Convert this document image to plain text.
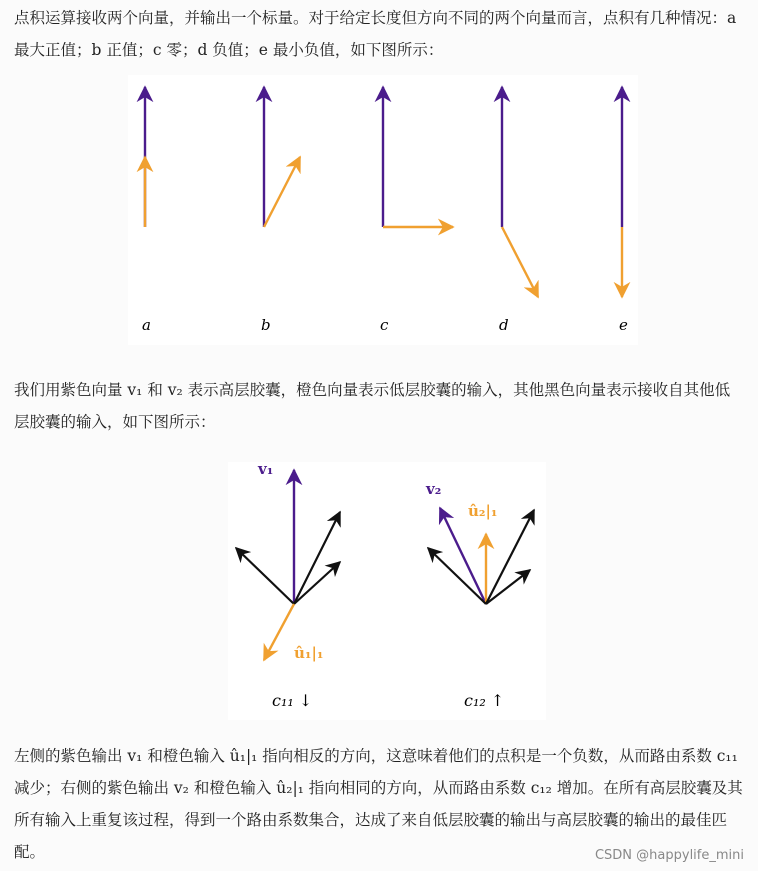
点积运算接收两个向量，并输出一个标量。对于给定长度但方向不同的两个向量而言，点积有几种情况：a 最大正值；b 正值；c 零；d 负值；e 最小负值，如下图所示：

a	b	c	d	e

我们用紫色向量 v₁ 和 v₂ 表示高层胶囊，橙色向量表示低层胶囊的输入，其他黑色向量表示接收自其他低层胶囊的输入，如下图所示：

v₁
û₁|₁
c₁₁ ↓
v₂
û₂|₁
c₁₂ ↑

左侧的紫色输出 v₁ 和橙色输入 û₁|₁ 指向相反的方向，这意味着他们的点积是一个负数，从而路由系数 c₁₁ 减少；右侧的紫色输出 v₂ 和橙色输入 û₂|₁ 指向相同的方向，从而路由系数 c₁₂ 增加。在所有高层胶囊及其所有输入上重复该过程，得到一个路由系数集合，达成了来自低层胶囊的输出与高层胶囊的输出的最佳匹配。	CSDN @happylife_mini
